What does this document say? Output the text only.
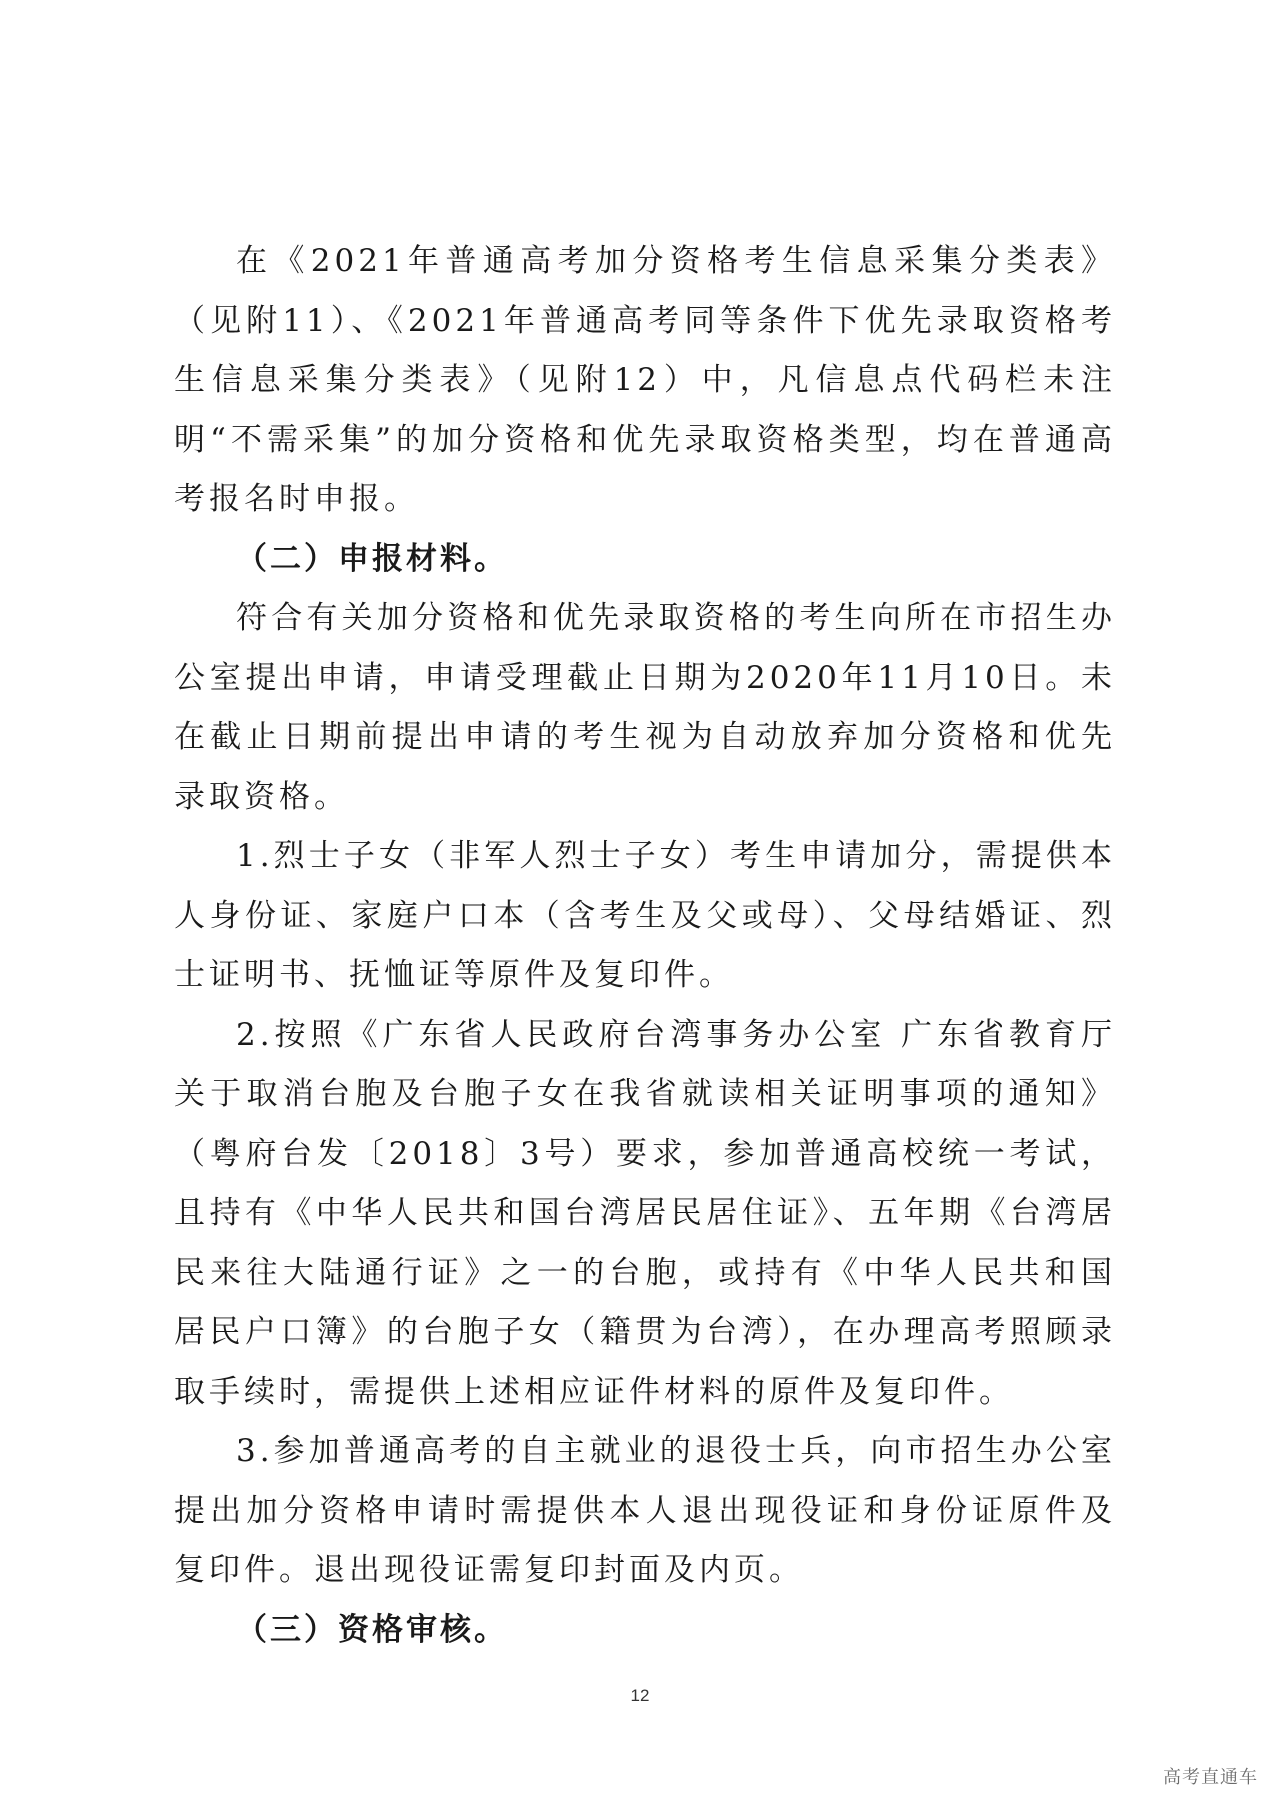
在《2021年普通高考加分资格考生信息采集分类表》（见附11）、《2021年普通高考同等条件下优先录取资格考生信息采集分类表》（见附12）中，凡信息点代码栏未注明“不需采集”的加分资格和优先录取资格类型，均在普通高考报名时申报。

（二）申报材料。

符合有关加分资格和优先录取资格的考生向所在市招生办公室提出申请，申请受理截止日期为2020年11月10日。未在截止日期前提出申请的考生视为自动放弃加分资格和优先录取资格。

1.烈士子女（非军人烈士子女）考生申请加分，需提供本人身份证、家庭户口本（含考生及父或母）、父母结婚证、烈士证明书、抚恤证等原件及复印件。

2.按照《广东省人民政府台湾事务办公室 广东省教育厅关于取消台胞及台胞子女在我省就读相关证明事项的通知》（粤府台发〔2018〕3号）要求，参加普通高校统一考试，且持有《中华人民共和国台湾居民居住证》、五年期《台湾居民来往大陆通行证》之一的台胞，或持有《中华人民共和国居民户口簿》的台胞子女（籍贯为台湾），在办理高考照顾录取手续时，需提供上述相应证件材料的原件及复印件。

3.参加普通高考的自主就业的退役士兵，向市招生办公室提出加分资格申请时需提供本人退出现役证和身份证原件及复印件。退出现役证需复印封面及内页。

（三）资格审核。

12
高考直通车
